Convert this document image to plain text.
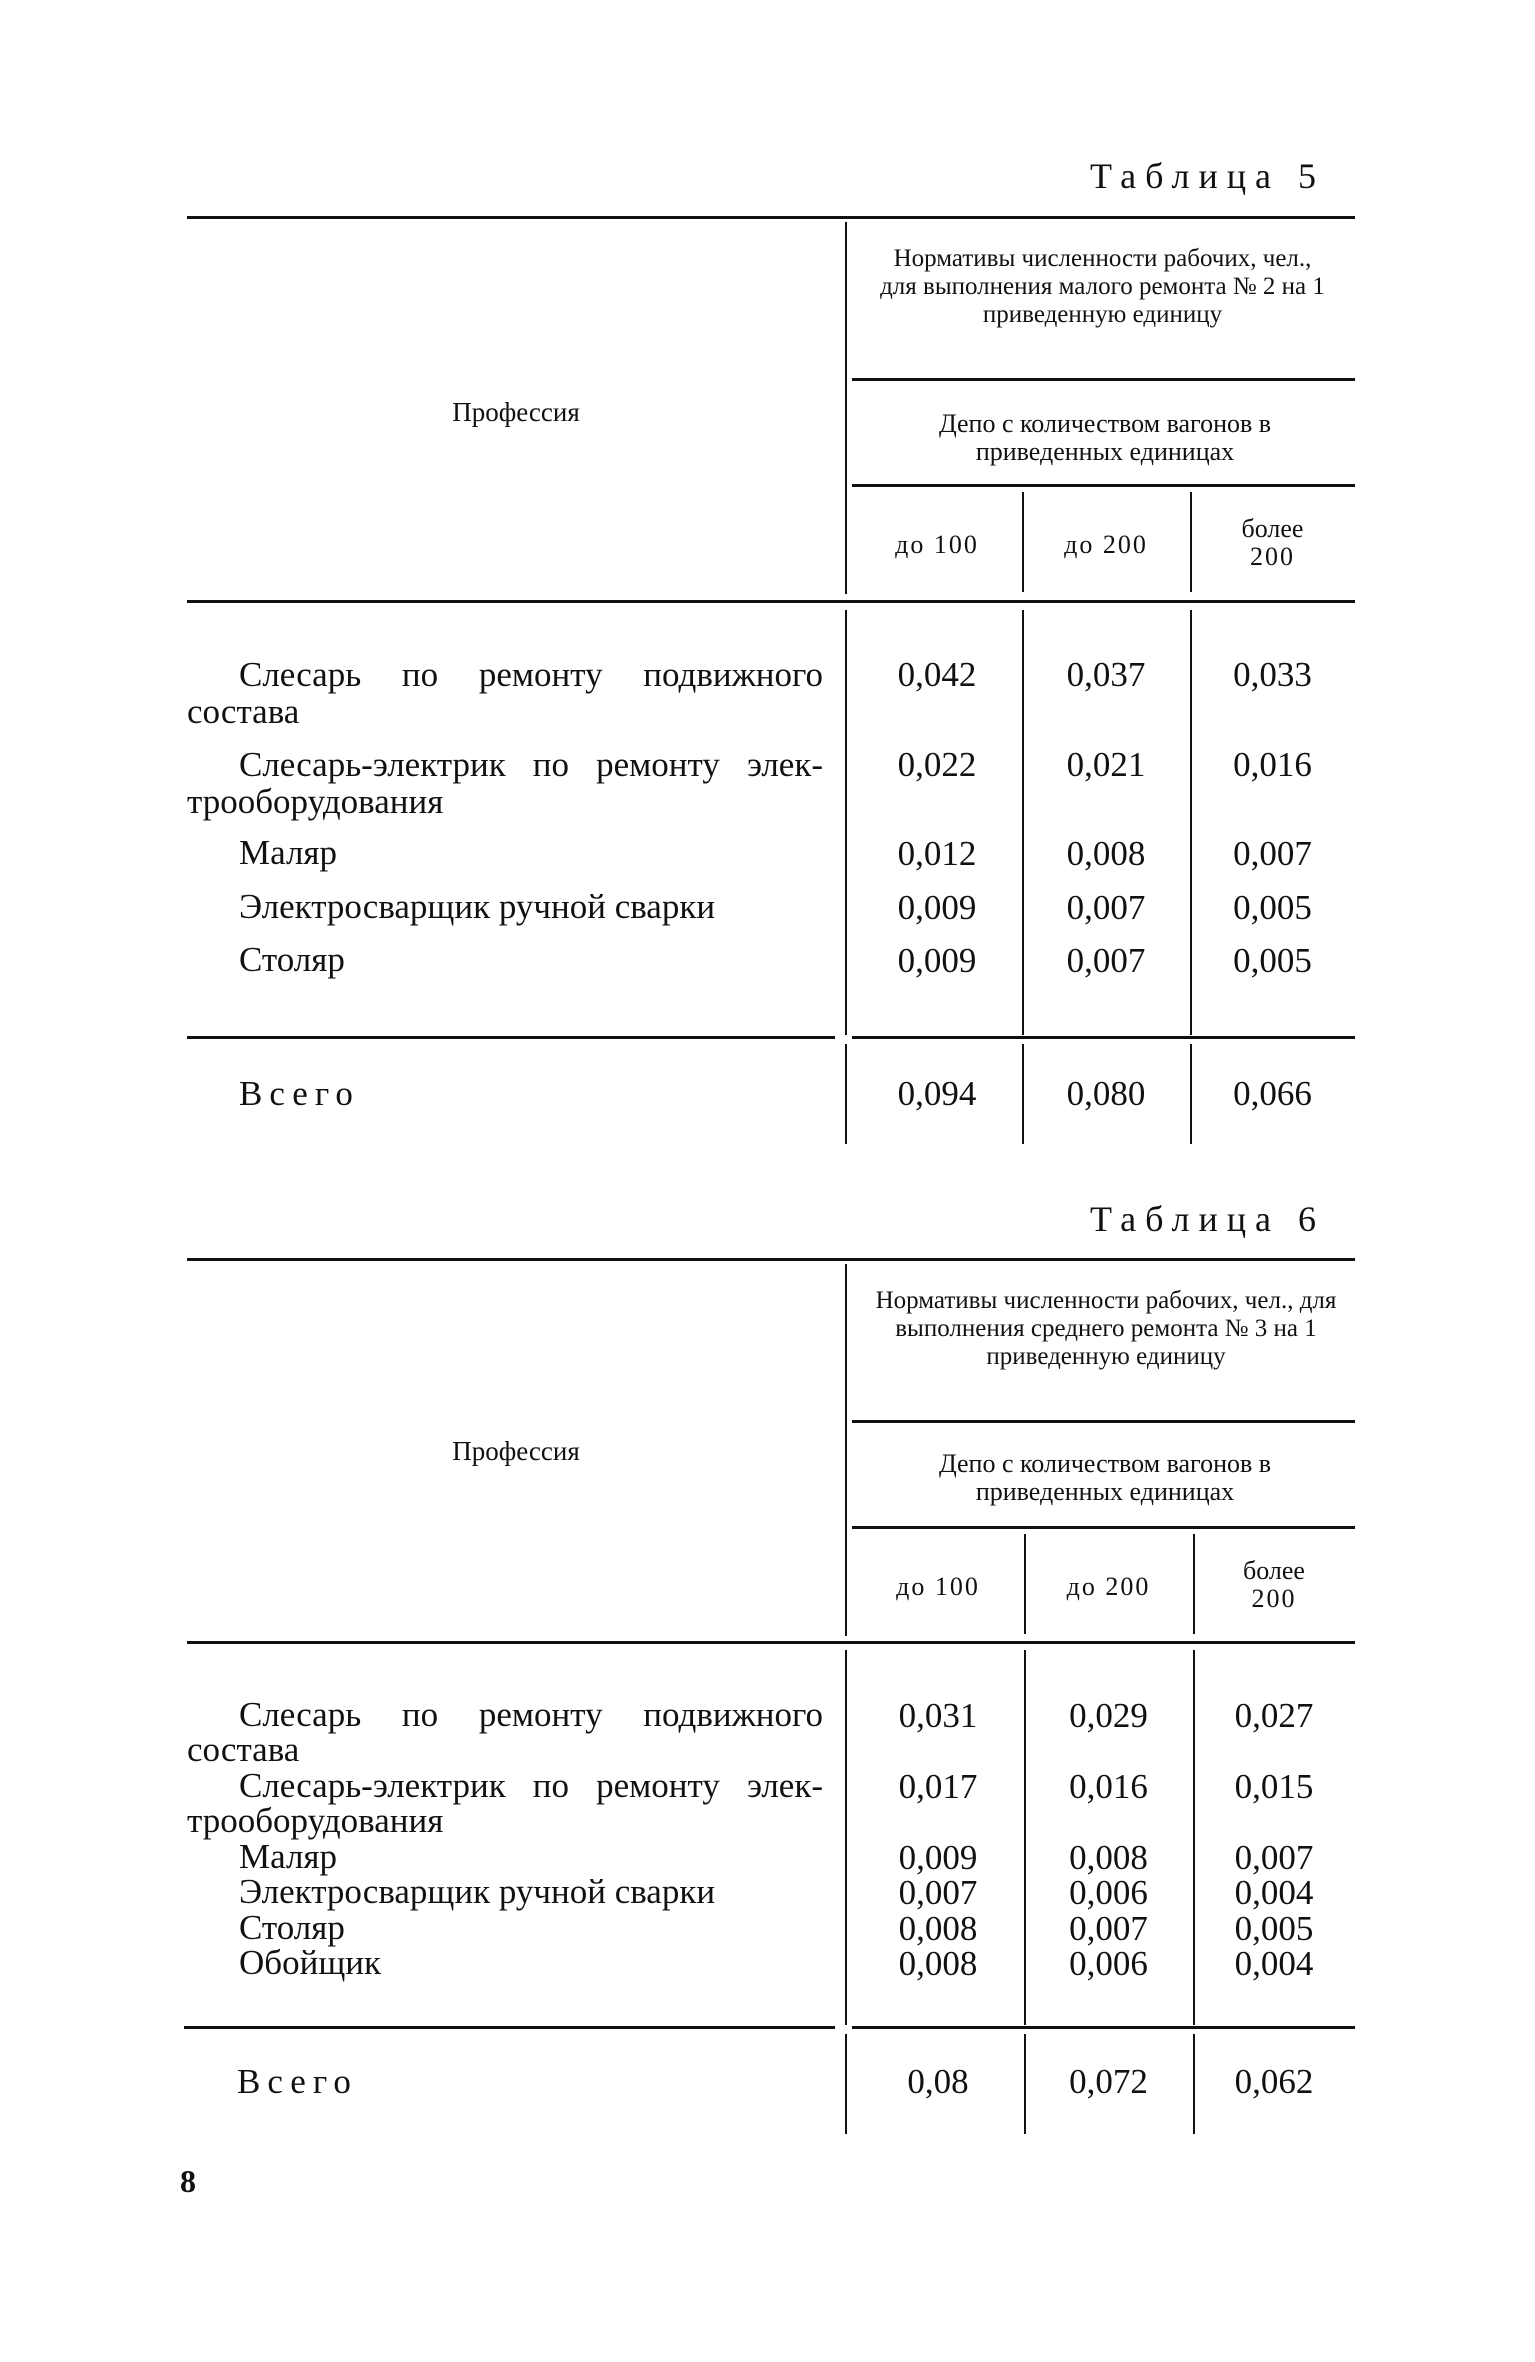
Таблица 5
Профессия
Нормативы численности рабочих, чел., для выполнения малого ремонта № 2 на 1 приведенную единицу
Депо с количеством вагонов в приведенных единицах
до 100	до 200
более
200
Слесарь по ремонту подвижного
состава
0,042	0,037	0,033
Слесарь-электрик по ремонту элек-
трооборудования
0,022	0,021	0,016
Маляр	0,012	0,008	0,007
Электросварщик ручной сварки	0,009	0,007	0,005
Столяр	0,009	0,007	0,005
Всего	0,094	0,080	0,066
Таблица 6
Профессия
Нормативы численности рабочих, чел., для выполнения среднего ремонта № 3 на 1 приведенную единицу
Депо с количеством вагонов в приведенных единицах
до 100	до 200
более
200
Слесарь по ремонту подвижного
состава
0,031	0,029	0,027
Слесарь-электрик по ремонту элек-
трооборудования
0,017	0,016	0,015
Маляр	0,009	0,008	0,007
Электросварщик ручной сварки	0,007	0,006	0,004
Столяр	0,008	0,007	0,005
Обойщик	0,008	0,006	0,004
Всего	0,08	0,072	0,062
8
